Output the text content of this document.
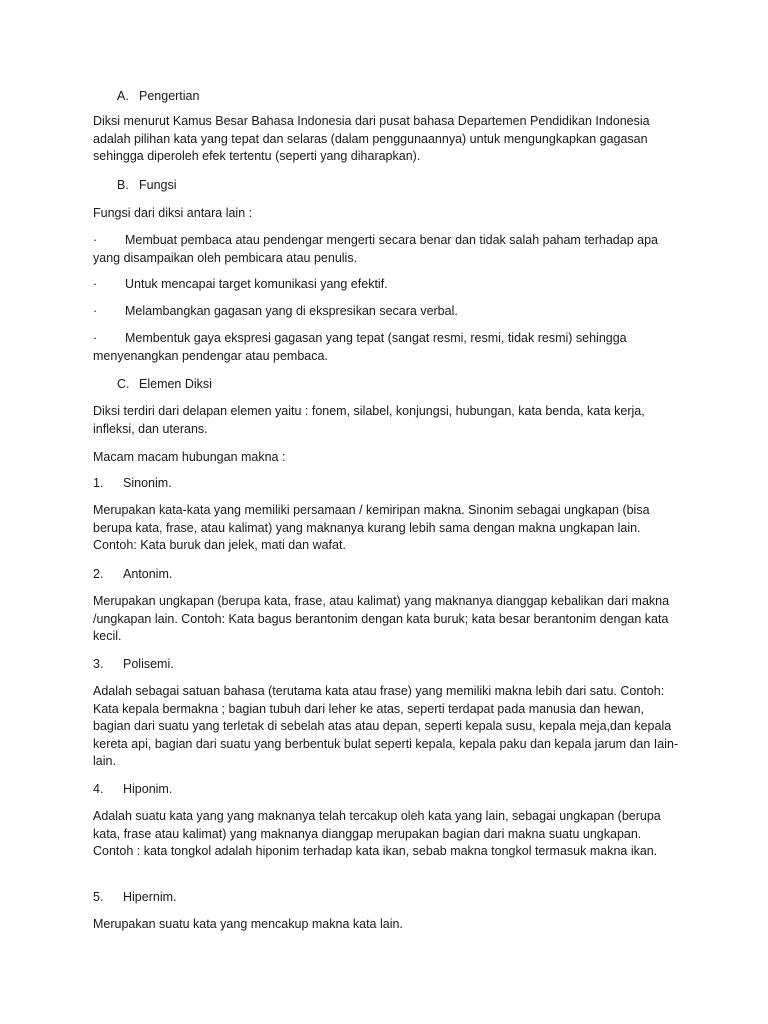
A. Pengertian

Diksi menurut Kamus Besar Bahasa Indonesia dari pusat bahasa Departemen Pendidikan Indonesia adalah pilihan kata yang tepat dan selaras (dalam penggunaannya) untuk mengungkapkan gagasan sehingga diperoleh efek tertentu (seperti yang diharapkan).

B. Fungsi

Fungsi dari diksi antara lain :

· Membuat pembaca atau pendengar mengerti secara benar dan tidak salah paham terhadap apa yang disampaikan oleh pembicara atau penulis.

· Untuk mencapai target komunikasi yang efektif.

· Melambangkan gagasan yang di ekspresikan secara verbal.

· Membentuk gaya ekspresi gagasan yang tepat (sangat resmi, resmi, tidak resmi) sehingga menyenangkan pendengar atau pembaca.

C. Elemen Diksi

Diksi terdiri dari delapan elemen yaitu : fonem, silabel, konjungsi, hubungan, kata benda, kata kerja, infleksi, dan uterans.

Macam macam hubungan makna :

1. Sinonim.

Merupakan kata-kata yang memiliki persamaan / kemiripan makna. Sinonim sebagai ungkapan (bisa berupa kata, frase, atau kalimat) yang maknanya kurang lebih sama dengan makna ungkapan lain. Contoh: Kata buruk dan jelek, mati dan wafat.

2. Antonim.

Merupakan ungkapan (berupa kata, frase, atau kalimat) yang maknanya dianggap kebalikan dari makna /ungkapan lain. Contoh: Kata bagus berantonim dengan kata buruk; kata besar berantonim dengan kata kecil.

3. Polisemi.

Adalah sebagai satuan bahasa (terutama kata atau frase) yang memiliki makna lebih dari satu. Contoh: Kata kepala bermakna ; bagian tubuh dari leher ke atas, seperti terdapat pada manusia dan hewan, bagian dari suatu yang terletak di sebelah atas atau depan, seperti kepala susu, kepala meja,dan kepala kereta api, bagian dari suatu yang berbentuk bulat seperti kepala, kepala paku dan kepala jarum dan Iain-lain.

4. Hiponim.

Adalah suatu kata yang yang maknanya telah tercakup oleh kata yang lain, sebagai ungkapan (berupa kata, frase atau kalimat) yang maknanya dianggap merupakan bagian dari makna suatu ungkapan. Contoh : kata tongkol adalah hiponim terhadap kata ikan, sebab makna tongkol termasuk makna ikan.

5. Hipernim.

Merupakan suatu kata yang mencakup makna kata lain.
